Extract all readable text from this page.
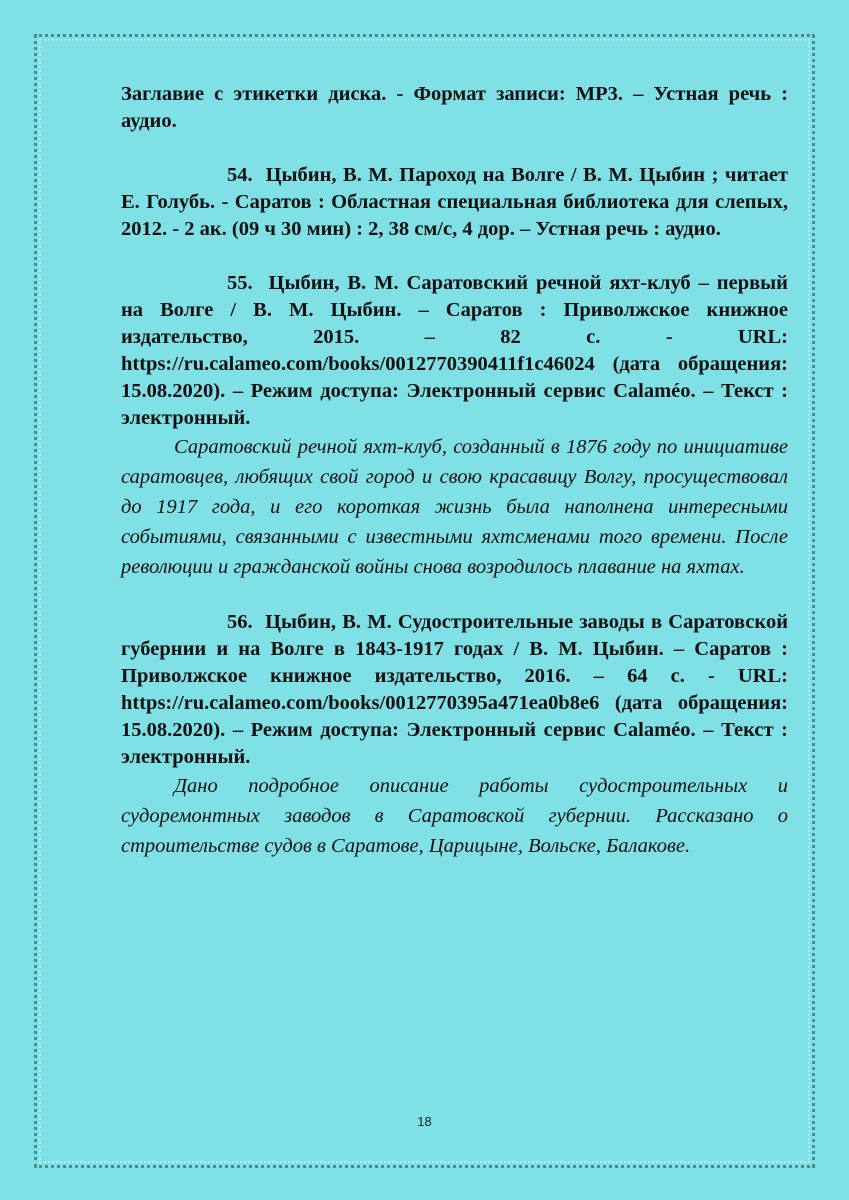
Заглавие с этикетки диска. - Формат записи: MP3. – Устная речь : аудио.

54. Цыбин, В. М. Пароход на Волге / В. М. Цыбин ; читает Е. Голубь. - Саратов : Областная специальная библиотека для слепых, 2012. - 2 ак. (09 ч 30 мин) : 2, 38 см/с, 4 дор. – Устная речь : аудио.

55. Цыбин, В. М. Саратовский речной яхт-клуб – первый на Волге / В. М. Цыбин. – Саратов : Приволжское книжное издательство, 2015. – 82 с. - URL: https://ru.calameo.com/books/0012770390411f1c46024 (дата обращения: 15.08.2020). – Режим доступа: Электронный сервис Calaméo. – Текст : электронный.

Саратовский речной яхт-клуб, созданный в 1876 году по инициативе саратовцев, любящих свой город и свою красавицу Волгу, просуществовал до 1917 года, и его короткая жизнь была наполнена интересными событиями, связанными с известными яхтсменами того времени. После революции и гражданской войны снова возродилось плавание на яхтах.

56. Цыбин, В. М. Судостроительные заводы в Саратовской губернии и на Волге в 1843-1917 годах / В. М. Цыбин. – Саратов : Приволжское книжное издательство, 2016. – 64 с. - URL: https://ru.calameo.com/books/0012770395a471ea0b8e6 (дата обращения: 15.08.2020). – Режим доступа: Электронный сервис Calaméo. – Текст : электронный.

Дано подробное описание работы судостроительных и судоремонтных заводов в Саратовской губернии. Рассказано о строительстве судов в Саратове, Царицыне, Вольске, Балакове.

18
